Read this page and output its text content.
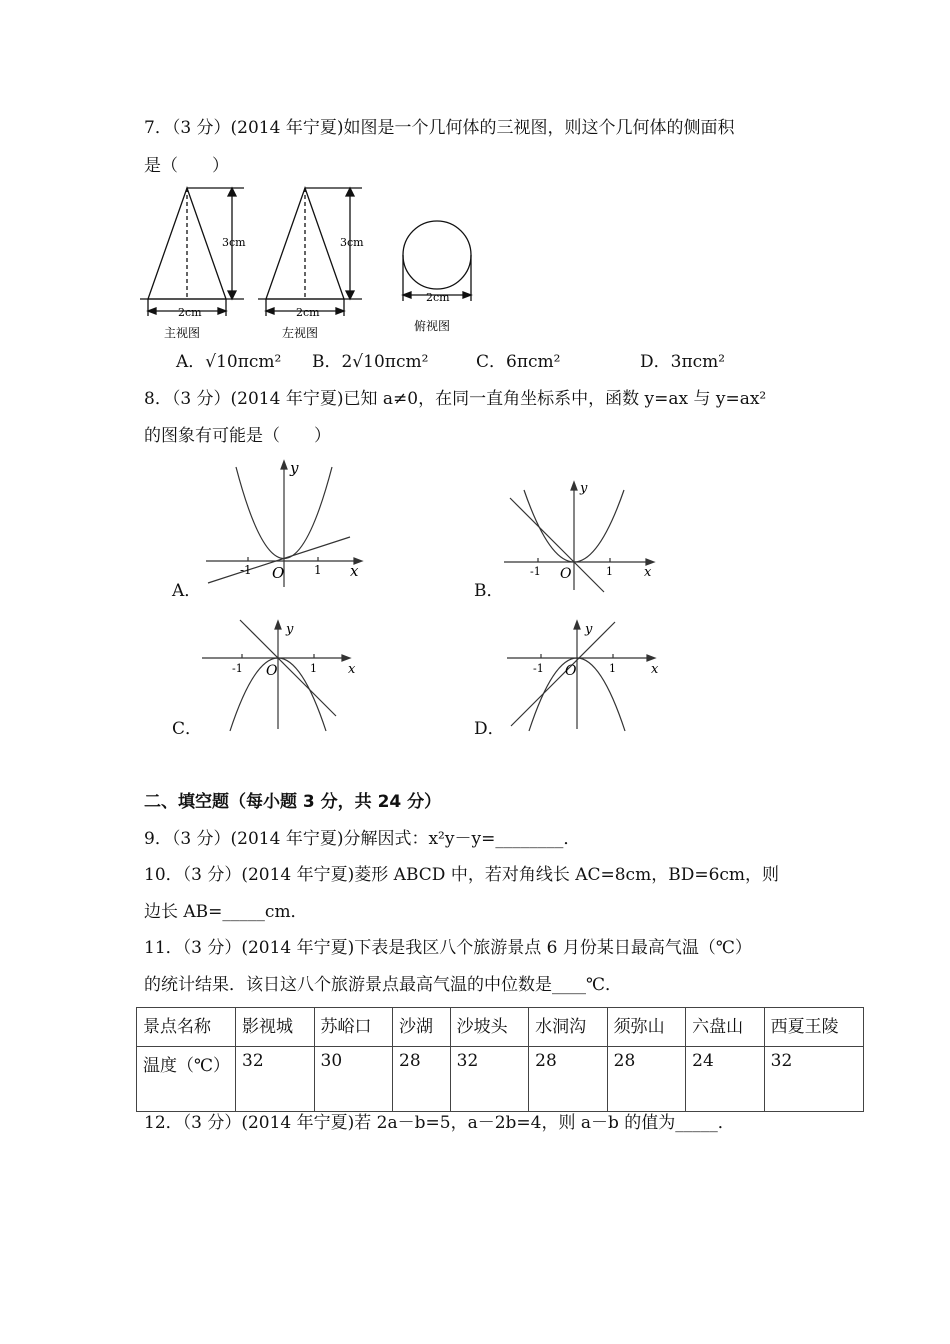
7．（3 分）(2014 年宁夏)如图是一个几何体的三视图，则这个几何体的侧面积
是（　　）
3cm
2cm
主视图
3cm
2cm
左视图
2cm
俯视图
A．√10πcm² B．2√10πcm²	C．6πcm²	D．3πcm²
8．（3 分）(2014 年宁夏)已知 a≠0，在同一直角坐标系中，函数 y=ax 与 y=ax²
的图象有可能是（　　）
y
x
O
-1	1
A．
y
x
O
-1	1
B．
y
x
O
-1	1
C．
y
x
O
-1	1
D．
二、填空题（每小题 3 分，共 24 分）
9．（3 分）(2014 年宁夏)分解因式：x²y－y=________．
10．（3 分）(2014 年宁夏)菱形 ABCD 中，若对角线长 AC=8cm，BD=6cm，则
边长 AB=_____cm．
11．（3 分）(2014 年宁夏)下表是我区八个旅游景点 6 月份某日最高气温（℃）
的统计结果．该日这八个旅游景点最高气温的中位数是____℃．
景点名称	影视城	苏峪口	沙湖	沙坡头	水洞沟	须弥山	六盘山	西夏王陵
温度（℃）	32	30	28	32	28	28	24	32
12．（3 分）(2014 年宁夏)若 2a－b=5，a－2b=4，则 a－b 的值为_____．
